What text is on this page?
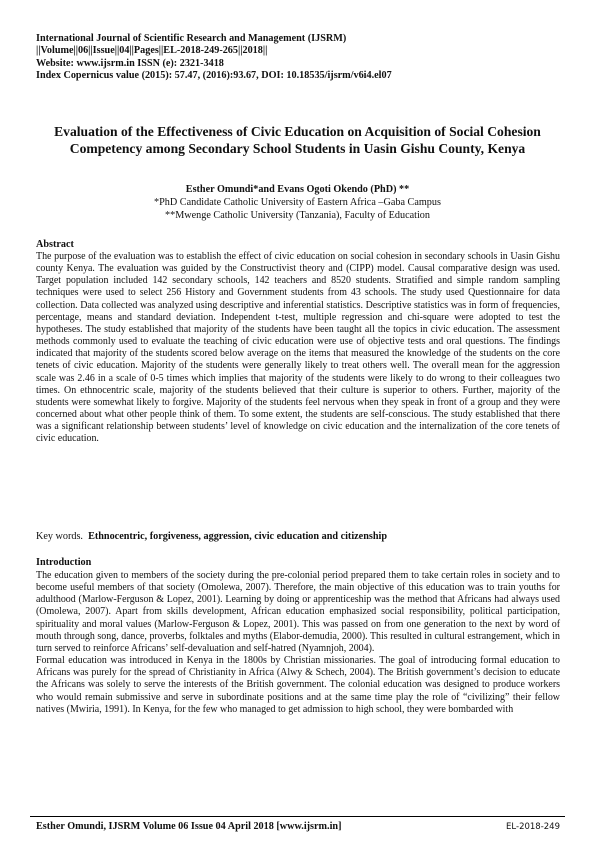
International Journal of Scientific Research and Management (IJSRM)
||Volume||06||Issue||04||Pages||EL-2018-249-265||2018||
Website: www.ijsrm.in ISSN (e): 2321-3418
Index Copernicus value (2015): 57.47, (2016):93.67, DOI: 10.18535/ijsrm/v6i4.el07
Evaluation of the Effectiveness of Civic Education on Acquisition of Social Cohesion Competency among Secondary School Students in Uasin Gishu County, Kenya
Esther Omundi*and Evans Ogoti Okendo (PhD) **
*PhD Candidate Catholic University of Eastern Africa –Gaba Campus
**Mwenge Catholic University (Tanzania), Faculty of Education
Abstract
The purpose of the evaluation was to establish the effect of civic education on social cohesion in secondary schools in Uasin Gishu county Kenya. The evaluation was guided by the Constructivist theory and (CIPP) model. Causal comparative design was used. Target population included 142 secondary schools, 142 teachers and 8520 students. Stratified and simple random sampling techniques were used to select 256 History and Government students from 43 schools. The study used Questionnaire for data collection. Data collected was analyzed using descriptive and inferential statistics. Descriptive statistics was in form of frequencies, percentage, means and standard deviation. Independent t-test, multiple regression and chi-square were adopted to test the hypotheses. The study established that majority of the students have been taught all the topics in civic education. The assessment methods commonly used to evaluate the teaching of civic education were use of objective tests and oral questions. The findings indicated that majority of the students scored below average on the items that measured the knowledge of the students on the core tenets of civic education. Majority of the students were generally likely to treat others well. The overall mean for the aggression scale was 2.46 in a scale of 0-5 times which implies that majority of the students were likely to do wrong to their colleagues two times. On ethnocentric scale, majority of the students believed that their culture is superior to others. Further, majority of the students were somewhat likely to forgive. Majority of the students feel nervous when they speak in front of a group and they were concerned about what other people think of them. To some extent, the students are self-conscious. The study established that there was a significant relationship between students’ level of knowledge on civic education and the internalization of the core tenets of civic education.
Key words. Ethnocentric, forgiveness, aggression, civic education and citizenship
Introduction

The education given to members of the society during the pre-colonial period prepared them to take certain roles in society and to become useful members of that society (Omolewa, 2007). Therefore, the main objective of this education was to train youths for adulthood (Marlow-Ferguson & Lopez, 2001). Learning by doing or apprenticeship was the method that Africans had always used (Omolewa, 2007). Apart from skills development, African education emphasized social responsibility, political participation, spirituality and moral values (Marlow-Ferguson & Lopez, 2001). This was passed on from one generation to the next by word of mouth through song, dance, proverbs, folktales and myths (Elabor-demudia, 2000). This resulted in cultural estrangement, which in turn served to reinforce Africans’ self-devaluation and self-hatred (Nyamnjoh, 2004).

Formal education was introduced in Kenya in the 1800s by Christian missionaries. The goal of introducing formal education to Africans was purely for the spread of Christianity in Africa (Alwy & Schech, 2004). The British government’s decision to educate the Africans was solely to serve the interests of the British government. The colonial education was designed to produce workers who would remain submissive and serve in subordinate positions and at the same time play the role of “civilizing” their fellow natives (Mwiria, 1991). In Kenya, for the few who managed to get admission to high school, they were bombarded with

Esther Omundi, IJSRM Volume 06 Issue 04 April 2018 [www.ijsrm.in]	EL-2018-249
